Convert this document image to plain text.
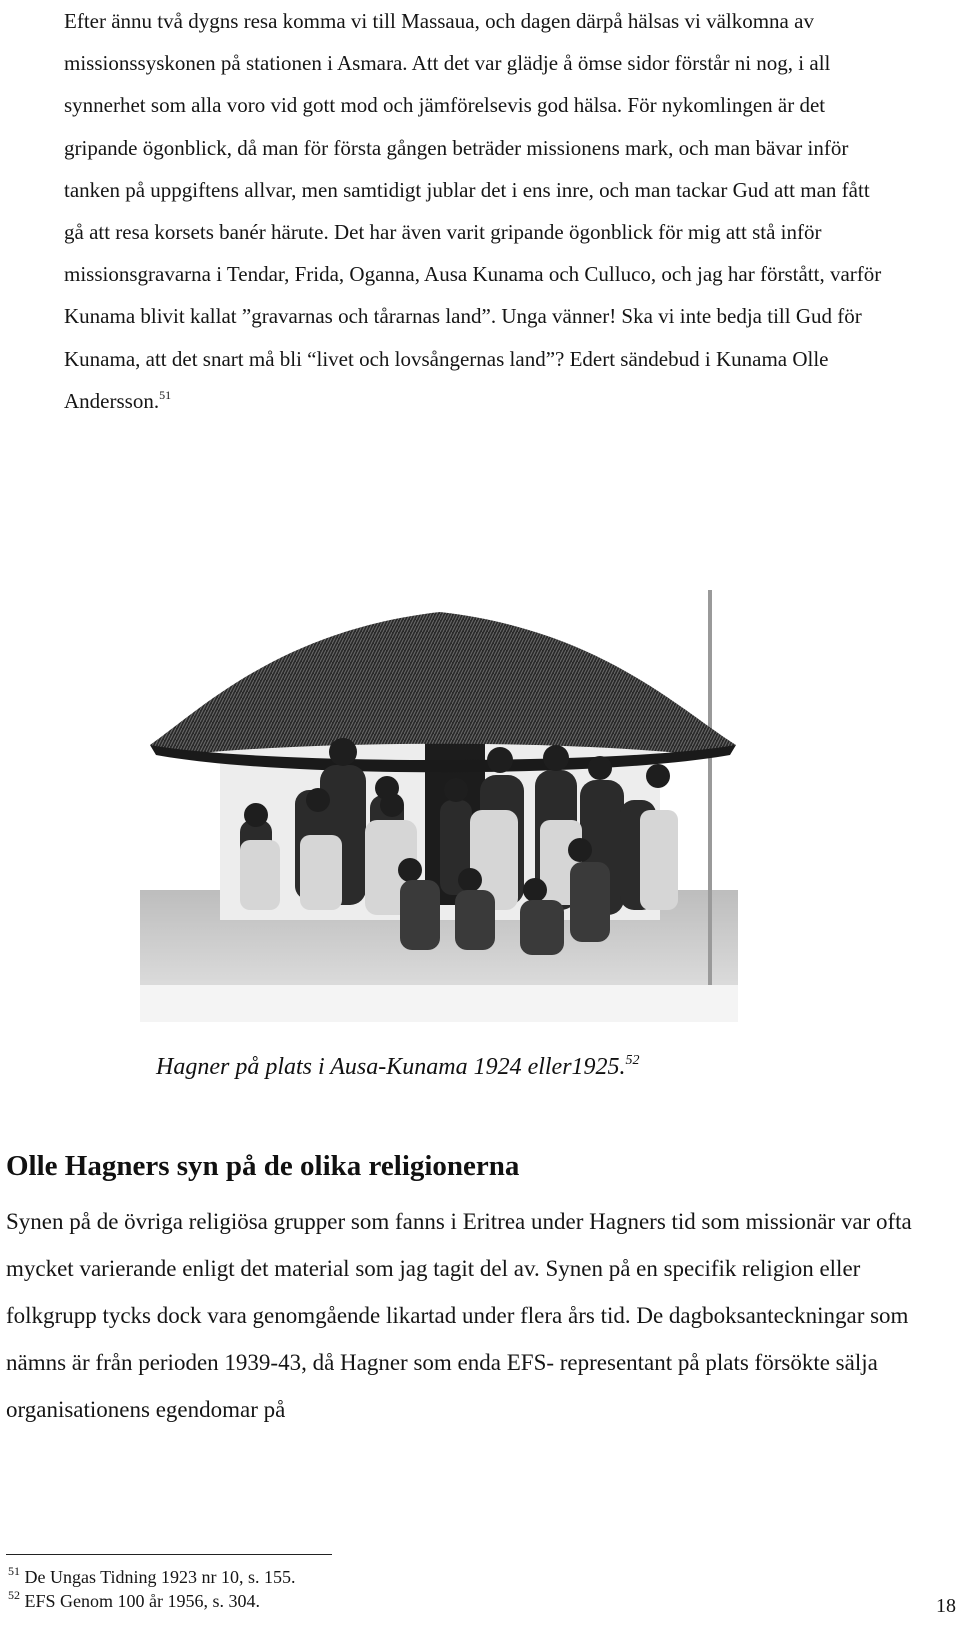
Efter ännu två dygns resa komma vi till Massaua, och dagen därpå hälsas vi välkomna av missionssyskonen på stationen i Asmara. Att det var glädje å ömse sidor förstår ni nog, i all synnerhet som alla voro vid gott mod och jämförelsevis god hälsa. För nykomlingen är det gripande ögonblick, då man för första gången beträder missionens mark, och man bävar inför tanken på uppgiftens allvar, men samtidigt jublar det i ens inre, och man tackar Gud att man fått gå att resa korsets banér härute. Det har även varit gripande ögonblick för mig att stå inför missionsgravarna i Tendar, Frida, Oganna, Ausa Kunama och Culluco, och jag har förstått, varför Kunama blivit kallat ”gravarnas och tårarnas land”. Unga vänner! Ska vi inte bedja till Gud för Kunama, att det snart må bli “livet och lovsångernas land”? Edert sändebud i Kunama Olle Andersson.$^{51}$

Hagner på plats i Ausa-Kunama 1924 eller1925.52
Olle Hagners syn på de olika religionerna

Synen på de övriga religiösa grupper som fanns i Eritrea under Hagners tid som missionär var ofta mycket varierande enligt det material som jag tagit del av. Synen på en specifik religion eller folkgrupp tycks dock vara genomgående likartad under flera års tid. De dagboksanteckningar som nämns är från perioden 1939-43, då Hagner som enda EFS- representant på plats försökte sälja organisationens egendomar på

$^{51}$ De Ungas Tidning 1923 nr 10, s. 155.

$^{52}$ EFS Genom 100 år 1956, s. 304.	18
